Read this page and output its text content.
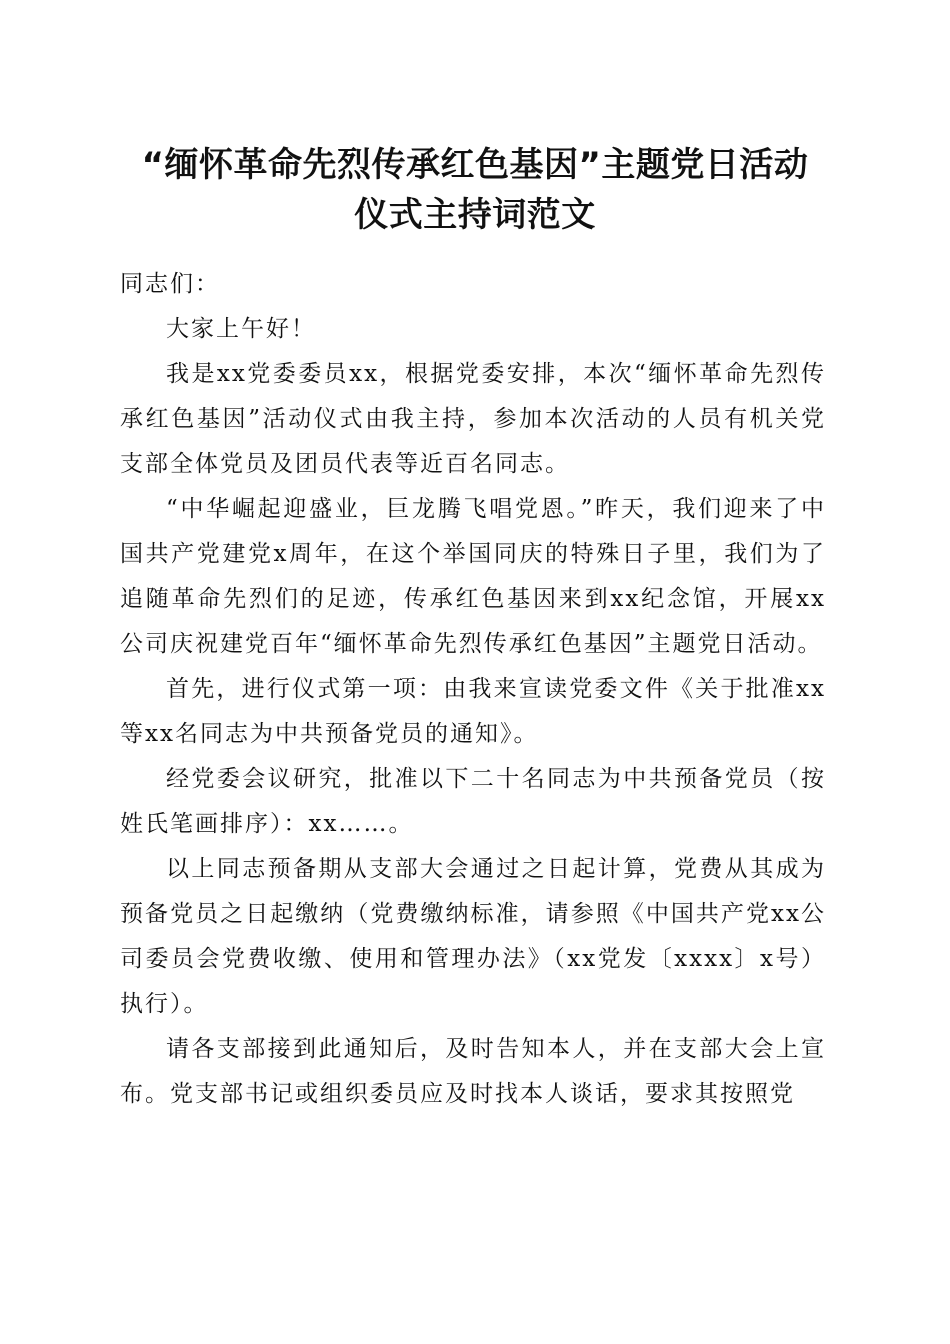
“缅怀革命先烈传承红色基因”主题党日活动
仪式主持词范文

同志们：

大家上午好！

我是xx党委委员xx，根据党委安排，本次“缅怀革命先烈传承红色基因”活动仪式由我主持，参加本次活动的人员有机关党支部全体党员及团员代表等近百名同志。

“中华崛起迎盛业，巨龙腾飞唱党恩。”昨天，我们迎来了中国共产党建党x周年，在这个举国同庆的特殊日子里，我们为了追随革命先烈们的足迹，传承红色基因来到xx纪念馆，开展xx公司庆祝建党百年“缅怀革命先烈传承红色基因”主题党日活动。

首先，进行仪式第一项：由我来宣读党委文件《关于批准xx等xx名同志为中共预备党员的通知》。

经党委会议研究，批准以下二十名同志为中共预备党员（按姓氏笔画排序）：xx……。

以上同志预备期从支部大会通过之日起计算，党费从其成为预备党员之日起缴纳（党费缴纳标准，请参照《中国共产党xx公司委员会党费收缴、使用和管理办法》（xx党发〔xxxx〕x号）执行）。

请各支部接到此通知后，及时告知本人，并在支部大会上宣布。党支部书记或组织委员应及时找本人谈话，要求其按照党
